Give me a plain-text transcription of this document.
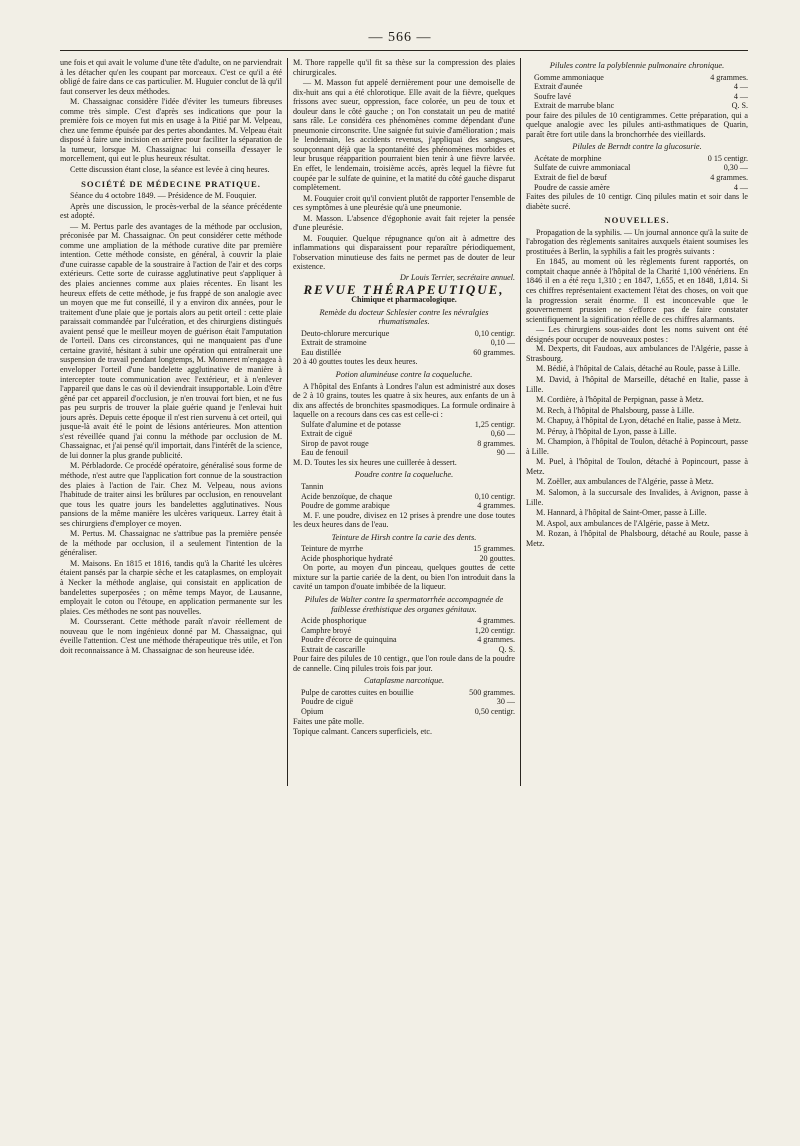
— 566 —

une fois et qui avait le volume d'une tête d'adulte, on ne parviendrait à les détacher qu'en les coupant par morceaux. C'est ce qu'il a été obligé de faire dans ce cas particulier. M. Huguier conclut de là qu'il faut conserver les deux méthodes.

M. Chassaignac considère l'idée d'éviter les tumeurs fibreuses comme très simple. C'est d'après ses indications que pour la première fois ce moyen fut mis en usage à la Pitié par M. Velpeau, chez une femme épuisée par des pertes abondantes. M. Velpeau était disposé à faire une incision en arrière pour faciliter la séparation de la tumeur, lorsque M. Chassaignac lui conseilla d'essayer le morcellement, qui eut le plus heureux résultat.

Cette discussion étant close, la séance est levée à cinq heures.

SOCIÉTÉ DE MÉDECINE PRATIQUE.

Séance du 4 octobre 1849. — Présidence de M. Fouquier.

Après une discussion, le procès-verbal de la séance précédente est adopté.

— M. Pertus parle des avantages de la méthode par occlusion, préconisée par M. Chassaignac. On peut considérer cette méthode comme une ampliation de la méthode curative dite par première intention. Cette méthode consiste, en général, à couvrir la plaie d'une cuirasse capable de la soustraire à l'action de l'air et des corps extérieurs. Cette sorte de cuirasse agglutinative peut s'appliquer à des plaies anciennes comme aux plaies récentes. En lisant les heureux effets de cette méthode, je fus frappé de son analogie avec un moyen que me fut conseillé, il y a environ dix années, pour le traitement d'une plaie que je portais alors au petit orteil : cette plaie paraissait commandée par l'ulcération, et des chirurgiens distingués avaient pensé que le meilleur moyen de guérison était l'amputation de l'orteil. Dans ces circonstances, qui ne manquaient pas d'une certaine gravité, hésitant à subir une opération qui entraînerait une suspension de travail pendant longtemps, M. Monneret m'engagea à envelopper l'orteil d'une bandelette agglutinative de manière à intercepter toute communication avec l'extérieur, et à n'enlever l'appareil que dans le cas où il deviendrait insupportable. Loin d'être gêné par cet appareil d'occlusion, je n'en trouvai fort bien, et ne fus pas peu surpris de trouver la plaie guérie quand je l'enlevai huit jours après. Depuis cette époque il n'est rien survenu à cet orteil, qui jusque-là avait été le point de lésions antérieures. Mon attention s'est réveillée quand j'ai connu la méthode par occlusion de M. Chassaignac, et j'ai pensé qu'il importait, dans l'intérêt de la science, de lui donner la plus grande publicité.

M. Pérbladorde. Ce procédé opératoire, généralisé sous forme de méthode, n'est autre que l'application fort connue de la soustraction des plaies à l'action de l'air. Chez M. Velpeau, nous avions l'habitude de traiter ainsi les brûlures par occlusion, en renouvelant que tous les quatre jours les bandelettes agglutinatives. Nous pansions de la même manière les ulcères variqueux. Larrey était à ses chirurgiens d'employer ce moyen.

M. Pertus. M. Chassaignac ne s'attribue pas la première pensée de la méthode par occlusion, il a seulement l'intention de la généraliser.

M. Maisons. En 1815 et 1816, tandis qu'à la Charité les ulcères étaient pansés par la charpie sèche et les cataplasmes, on employait à Necker la méthode anglaise, qui consistait en application de bandelettes superposées ; on même temps Mayor, de Lausanne, employait le coton ou l'étoupe, en application permanente sur les plaies. Ces méthodes ne sont pas nouvelles.

M. Coursserant. Cette méthode paraît n'avoir réellement de nouveau que le nom ingénieux donné par M. Chassaignac, qui éveille l'attention. C'est une méthode thérapeutique très utile, et l'on doit reconnaissance à M. Chassaignac de son heureuse idée.

M. Thore rappelle qu'il fit sa thèse sur la compression des plaies chirurgicales.

— M. Masson fut appelé dernièrement pour une demoiselle de dix-huit ans qui a été chlorotique. Elle avait de la fièvre, quelques frissons avec sueur, oppression, face colorée, un peu de toux et douleur dans le côté gauche ; on l'on constatait un peu de matité sans râle. Le considéra ces phénomènes comme dépendant d'une pneumonie circonscrite. Une saignée fut suivie d'amélioration ; mais le lendemain, les accidents revenus, j'appliquai des sangsues, soupçonnant déjà que la spontanéité des phénomènes morbides et leur brusque réapparition pourraient bien tenir à une fièvre larvée. En effet, le lendemain, troisième accès, après lequel la fièvre fut coupée par le sulfate de quinine, et la matité du côté gauche disparut complètement.

M. Fouquier croit qu'il convient plutôt de rapporter l'ensemble de ces symptômes à une pleurésie qu'à une pneumonie.

M. Masson. L'absence d'égophonie avait fait rejeter la pensée d'une pleurésie.

M. Fouquier. Quelque répugnance qu'on ait à admettre des inflammations qui disparaissent pour reparaître périodiquement, l'observation minutieuse des faits ne permet pas de douter de leur existence.

Dr Louis Terrier, secrétaire annuel.

REVUE THÉRAPEUTIQUE,

Chimique et pharmacologique.

Remède du docteur Schlesier contre les névralgies rhumatismales.

Deuto-chlorure mercurique	0,10 centigr.
Extrait de stramoine	0,10 —
Eau distillée	60 grammes.

20 à 40 gouttes toutes les deux heures.

Potion aluminéuse contre la coqueluche.

A l'hôpital des Enfants à Londres l'alun est administré aux doses de 2 à 10 grains, toutes les quatre à six heures, aux enfants de un à dix ans affectés de bronchites spasmodiques. La formule ordinaire à laquelle on a recours dans ces cas est celle-ci :

Sulfate d'alumine et de potasse	1,25 centigr.
Extrait de ciguë	0,60 —
Sirop de pavot rouge	8 grammes.
Eau de fenouil	90 —

M. D. Toutes les six heures une cuillerée à dessert.

Poudre contre la coqueluche.

Tannin
Acide benzoïque, de chaque	0,10 centigr.
Poudre de gomme arabique	4 grammes.

M. F. une poudre, divisez en 12 prises à prendre une dose toutes les deux heures dans de l'eau.

Teinture de Hirsh contre la carie des dents.

Teinture de myrrhe	15 grammes.
Acide phosphorique hydraté	20 gouttes.

On porte, au moyen d'un pinceau, quelques gouttes de cette mixture sur la partie cariée de la dent, ou bien l'on introduit dans la cavité un tampon d'ouate imbibée de la liqueur.

Pilules de Walter contre la spermatorrhée accompagnée de faiblesse érethistique des organes génitaux.

Acide phosphorique	4 grammes.
Camphre broyé	1,20 centigr.
Poudre d'écorce de quinquina	4 grammes.
Extrait de cascarille	Q. S.

Pour faire des pilules de 10 centigr., que l'on roule dans de la poudre de cannelle. Cinq pilules trois fois par jour.

Cataplasme narcotique.

Pulpe de carottes cuites en bouillie	500 grammes.
Poudre de ciguë	30 —
Opium	0,50 centigr.

Faites une pâte molle.

Topique calmant. Cancers superficiels, etc.

Pilules contre la polyblennie pulmonaire chronique.

Gomme ammoniaque	4 grammes.
Extrait d'aunée	4 —
Soufre lavé	4 —
Extrait de marrube blanc	Q. S.

pour faire des pilules de 10 centigrammes. Cette préparation, qui a quelque analogie avec les pilules anti-asthmatiques de Quarin, paraît être fort utile dans la bronchorrhée des vieillards.

Pilules de Berndt contre la glucosurie.

Acétate de morphine	0 15 centigr.
Sulfate de cuivre ammoniacal	0,30 —
Extrait de fiel de bœuf	4 grammes.
Poudre de cassie amère	4 —

Faites des pilules de 10 centigr. Cinq pilules matin et soir dans le diabète sucré.

NOUVELLES.

Propagation de la syphilis. — Un journal annonce qu'à la suite de l'abrogation des règlements sanitaires auxquels étaient soumises les prostituées à Berlin, la syphilis a fait les progrès suivants :

En 1845, au moment où les règlements furent rapportés, on comptait chaque année à l'hôpital de la Charité 1,100 vénériens. En 1846 il en a été reçu 1,310 ; en 1847, 1,655, et en 1848, 1,814. Si ces chiffres représentaient exactement l'état des choses, on voit que la progression serait énorme. Il est inconcevable que le gouvernement prussien ne s'efforce pas de faire constater scientifiquement la signification réelle de ces chiffres alarmants.

— Les chirurgiens sous-aides dont les noms suivent ont été désignés pour occuper de nouveaux postes :

M. Dexperts, dit Faudoas, aux ambulances de l'Algérie, passe à Strasbourg.

M. Bédié, à l'hôpital de Calais, détaché au Roule, passe à Lille.

M. David, à l'hôpital de Marseille, détaché en Italie, passe à Lille.

M. Cordière, à l'hôpital de Perpignan, passe à Metz.

M. Rech, à l'hôpital de Phalsbourg, passe à Lille.

M. Chapuy, à l'hôpital de Lyon, détaché en Italie, passe à Metz.

M. Péruy, à l'hôpital de Lyon, passe à Lille.

M. Champion, à l'hôpital de Toulon, détaché à Popincourt, passe à Lille.

M. Puel, à l'hôpital de Toulon, détaché à Popincourt, passe à Metz.

M. Zoëller, aux ambulances de l'Algérie, passe à Metz.

M. Salomon, à la succursale des Invalides, à Avignon, passe à Lille.

M. Hannard, à l'hôpital de Saint-Omer, passe à Lille.

M. Aspol, aux ambulances de l'Algérie, passe à Metz.

M. Rozan, à l'hôpital de Phalsbourg, détaché au Roule, passe à Metz.
